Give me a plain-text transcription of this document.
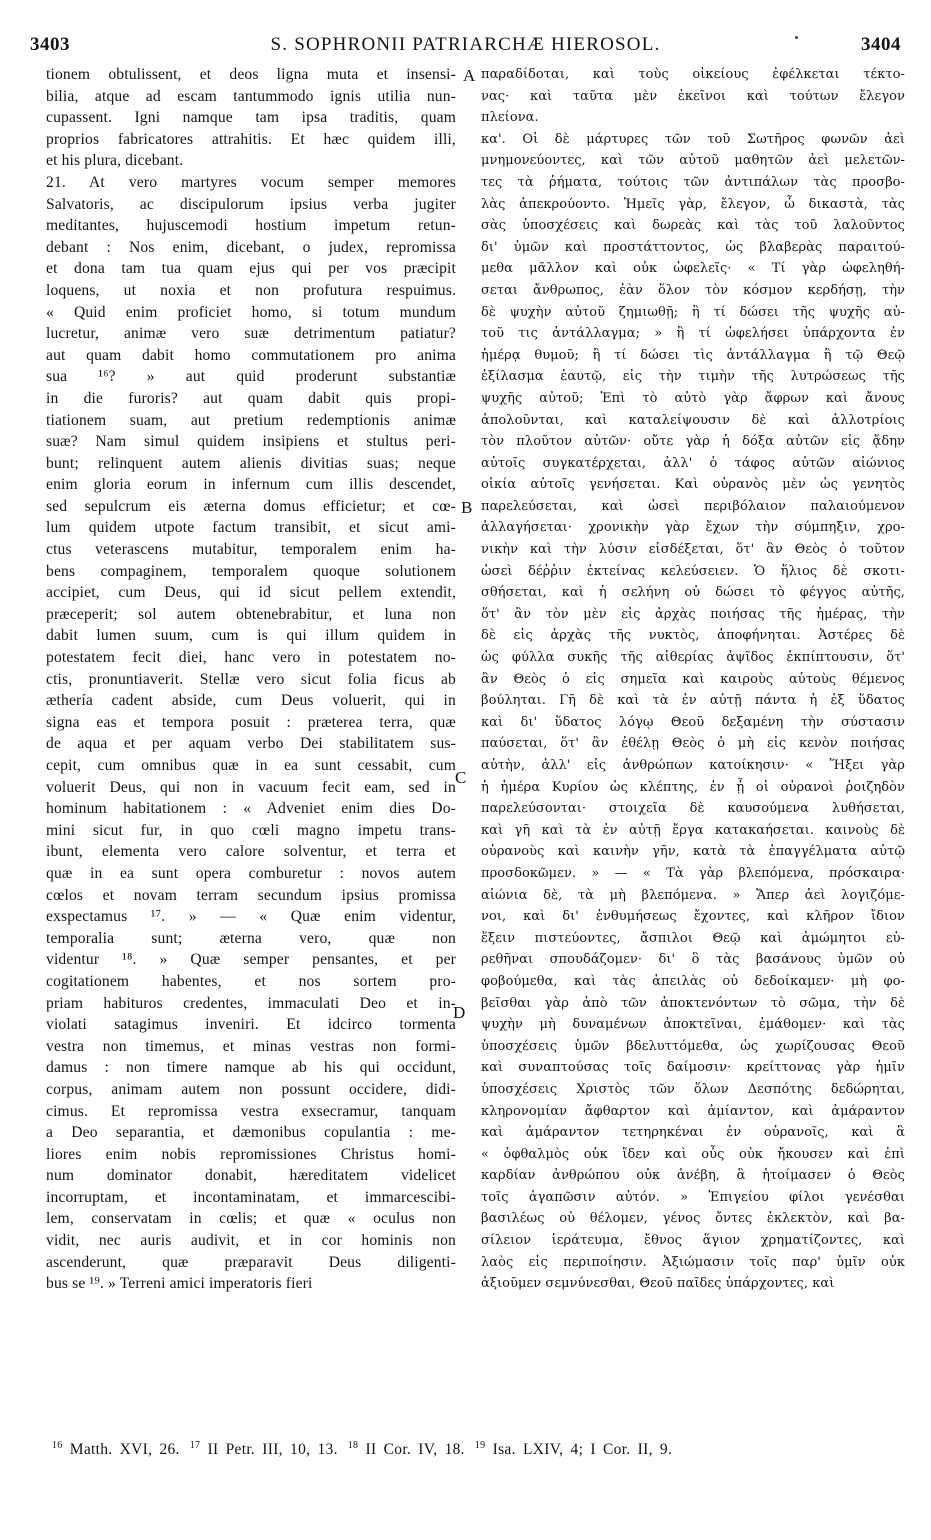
3403	S. SOPHRONII PATRIARCHÆ HIEROSOL.	3404
tionem obtulissent, et deos ligna muta et insensi-
bilia, atque ad escam tantummodo ignis utilia nun-
cupassent. Igni namque tam ipsa traditis, quam
proprios fabricatores attrahitis. Et hæc quidem illi,
et his plura, dicebant.
21. At vero martyres vocum semper memores
Salvatoris, ac discipulorum ipsius verba jugiter
meditantes, hujuscemodi hostium impetum retun-
debant : Nos enim, dicebant, o judex, repromissa
et dona tam tua quam ejus qui per vos præcipit
loquens, ut noxia et non profutura respuimus.
« Quid enim proficiet homo, si totum mundum
lucretur, animæ vero suæ detrimentum patiatur?
aut quam dabit homo commutationem pro anima
sua ¹⁶? » aut quid proderunt substantiæ
in die furoris? aut quam dabit quis propi-
tiationem suam, aut pretium redemptionis animæ
suæ? Nam simul quidem insipiens et stultus peri-
bunt; relinquent autem alienis divitias suas; neque
enim gloria eorum in infernum cum illis descendet,
sed sepulcrum eis æterna domus efficietur; et cœ-
lum quidem utpote factum transibit, et sicut ami-
ctus veterascens mutabitur, temporalem enim ha-
bens compaginem, temporalem quoque solutionem
accipiet, cum Deus, qui id sicut pellem extendit,
præceperit; sol autem obtenebrabitur, et luna non
dabit lumen suum, cum is qui illum quidem in
potestatem fecit diei, hanc vero in potestatem no-
ctis, pronuntiaverit. Stellæ vero sicut folia ficus ab
æthería cadent abside, cum Deus voluerit, qui in
signa eas et tempora posuit : præterea terra, quæ
de aqua et per aquam verbo Dei stabilitatem sus-
cepit, cum omnibus quæ in ea sunt cessabit, cum
voluerit Deus, qui non in vacuum fecit eam, sed in
hominum habitationem : « Adveniet enim dies Do-
mini sicut fur, in quo cœli magno impetu trans-
ibunt, elementa vero calore solventur, et terra et
quæ in ea sunt opera comburetur : novos autem
cœlos et novam terram secundum ipsius promissa
exspectamus ¹⁷. » — « Quæ enim videntur,
temporalia sunt; æterna vero, quæ non
videntur ¹⁸. » Quæ semper pensantes, et per
cogitationem habentes, et nos sortem pro-
priam habituros credentes, immaculati Deo et in-
violati satagimus inveniri. Et idcirco tormenta
vestra non timemus, et minas vestras non formi-
damus : non timere namque ab his qui occidunt,
corpus, animam autem non possunt occidere, didi-
cimus. Et repromissa vestra exsecramur, tanquam
a Deo separantia, et dæmonibus copulantia : me-
liores enim nobis repromissiones Christus homi-
num dominator donabit, hæreditatem videlicet
incorruptam, et incontaminatam, et immarcescibi-
lem, conservatam in cœlis; et quæ « oculus non
vidit, nec auris audivit, et in cor hominis non
ascenderunt, quæ præparavit Deus diligenti-
bus se ¹⁹. » Terreni amici imperatoris fieri
παραδίδοται, καὶ τοὺς οἰκείους ἐφέλκεται τέκτο-
νας· καὶ ταῦτα μὲν ἐκεῖνοι καὶ τούτων ἔλεγον
πλείονα.
κα'. Οἱ δὲ μάρτυρες τῶν τοῦ Σωτῆρος φωνῶν ἀεὶ
μνημονεύοντες, καὶ τῶν αὐτοῦ μαθητῶν ἀεὶ μελετῶν-
τες τὰ ῥήματα, τούτοις τῶν ἀντιπάλων τὰς προσβο-
λὰς ἀπεκρούοντο. Ἡμεῖς γὰρ, ἔλεγον, ὦ δικαστὰ, τὰς
σὰς ὑποσχέσεις καὶ δωρεὰς καὶ τὰς τοῦ λαλοῦντος
δι' ὑμῶν καὶ προστάττοντος, ὡς βλαβερὰς παραιτού-
μεθα μᾶλλον καὶ οὐκ ὠφελεῖς· « Τί γὰρ ὠφεληθή-
σεται ἄνθρωπος, ἐὰν ὅλον τὸν κόσμον κερδήσῃ, τὴν
δὲ ψυχὴν αὐτοῦ ζημιωθῇ; ἢ τί δώσει τῆς ψυχῆς αὐ-
τοῦ τις ἀντάλλαγμα; » ἢ τί ὠφελήσει ὑπάρχοντα ἐν
ἡμέρᾳ θυμοῦ; ἢ τί δώσει τὶς ἀντάλλαγμα ἢ τῷ Θεῷ
ἐξίλασμα ἑαυτῷ, εἰς τὴν τιμὴν τῆς λυτρώσεως τῆς
ψυχῆς αὐτοῦ; Ἐπὶ τὸ αὐτὸ γὰρ ἄφρων καὶ ἄνους
ἀπολοῦνται, καὶ καταλείψουσιν δὲ καὶ ἀλλοτρίοις
τὸν πλοῦτον αὐτῶν· οὔτε γὰρ ἡ δόξα αὐτῶν εἰς ᾅδην
αὐτοῖς συγκατέρχεται, ἀλλ' ὁ τάφος αὐτῶν αἰώνιος
οἰκία αὐτοῖς γενήσεται. Καὶ οὐρανὸς μὲν ὡς γενητὸς
παρελεύσεται, καὶ ὡσεὶ περιβόλαιον παλαιούμενον
ἀλλαγήσεται· χρονικὴν γὰρ ἔχων τὴν σύμπηξιν, χρο-
νικὴν καὶ τὴν λύσιν εἰσδέξεται, ὅτ' ἂν Θεὸς ὁ τοῦτον
ὡσεὶ δέῤῥιν ἐκτείνας κελεύσειεν. Ὁ ἥλιος δὲ σκοτι-
σθήσεται, καὶ ἡ σελήνη οὐ δώσει τὸ φέγγος αὐτῆς,
ὅτ' ἂν τὸν μὲν εἰς ἀρχὰς ποιήσας τῆς ἡμέρας, τὴν
δὲ εἰς ἀρχὰς τῆς νυκτὸς, ἀποφήνηται. Ἀστέρες δὲ
ὡς φύλλα συκῆς τῆς αἰθερίας ἀψῖδος ἐκπίπτουσιν, ὅτ'
ἂν Θεὸς ὁ εἰς σημεῖα καὶ καιροὺς αὐτοὺς θέμενος
βούληται. Γῆ δὲ καὶ τὰ ἐν αὐτῇ πάντα ἡ ἐξ ὕδατος
καὶ δι' ὕδατος λόγῳ Θεοῦ δεξαμένη τὴν σύστασιν
παύσεται, ὅτ' ἂν ἐθέλῃ Θεὸς ὁ μὴ εἰς κενὸν ποιήσας
αὐτὴν, ἀλλ' εἰς ἀνθρώπων κατοίκησιν· « Ἥξει γὰρ
ἡ ἡμέρα Κυρίου ὡς κλέπτης, ἐν ᾗ οἱ οὐρανοὶ ῥοιζηδὸν
παρελεύσονται· στοιχεῖα δὲ καυσούμενα λυθήσεται,
καὶ γῆ καὶ τὰ ἐν αὐτῇ ἔργα κατακαήσεται. καινοὺς δὲ
οὐρανοὺς καὶ καινὴν γῆν, κατὰ τὰ ἐπαγγέλματα αὐτῷ
προσδοκῶμεν. » — « Τὰ γὰρ βλεπόμενα, πρόσκαιρα·
αἰώνια δὲ, τὰ μὴ βλεπόμενα. » Ἅπερ ἀεὶ λογιζόμε-
νοι, καὶ δι' ἐνθυμήσεως ἔχοντες, καὶ κλῆρον ἴδιον
ἕξειν πιστεύοντες, ἄσπιλοι Θεῷ καὶ ἀμώμητοι εὑ-
ρεθῆναι σπουδάζομεν· δι' ὃ τὰς βασάνους ὑμῶν οὐ
φοβούμεθα, καὶ τὰς ἀπειλὰς οὐ δεδοίκαμεν· μὴ φο-
βεῖσθαι γὰρ ἀπὸ τῶν ἀποκτενόντων τὸ σῶμα, τὴν δὲ
ψυχὴν μὴ δυναμένων ἀποκτεῖναι, ἐμάθομεν· καὶ τὰς
ὑποσχέσεις ὑμῶν βδελυττόμεθα, ὡς χωρίζουσας Θεοῦ
καὶ συναπτούσας τοῖς δαίμοσιν· κρείττονας γὰρ ἡμῖν
ὑποσχέσεις Χριστὸς τῶν ὅλων Δεσπότης δεδώρηται,
κληρονομίαν ἄφθαρτον καὶ ἀμίαντον, καὶ ἀμάραντον
καὶ ἀμάραντον τετηρηκέναι ἐν οὐρανοῖς, καὶ ἃ
« ὀφθαλμὸς οὐκ ἴδεν καὶ οὖς οὐκ ἤκουσεν καὶ ἐπὶ
καρδίαν ἀνθρώπου οὐκ ἀνέβη, ἃ ἡτοίμασεν ὁ Θεὸς
τοῖς ἀγαπῶσιν αὐτόν. » Ἐπιγείου φίλοι γενέσθαι
βασιλέως οὐ θέλομεν, γένος ὄντες ἐκλεκτὸν, καὶ βα-
σίλειον ἱεράτευμα, ἔθνος ἅγιον χρηματίζοντες, καὶ
λαὸς εἰς περιποίησιν. Ἀξιώμασιν τοῖς παρ' ὑμῖν οὐκ
ἀξιοῦμεν σεμνύνεσθαι, Θεοῦ παῖδες ὑπάρχοντες, καὶ
A
B
C
D
$^{16}$ Matth. XVI, 26. $^{17}$ II Petr. III, 10, 13. $^{18}$ II Cor. IV, 18. $^{19}$ Isa. LXIV, 4; I Cor. II, 9.
